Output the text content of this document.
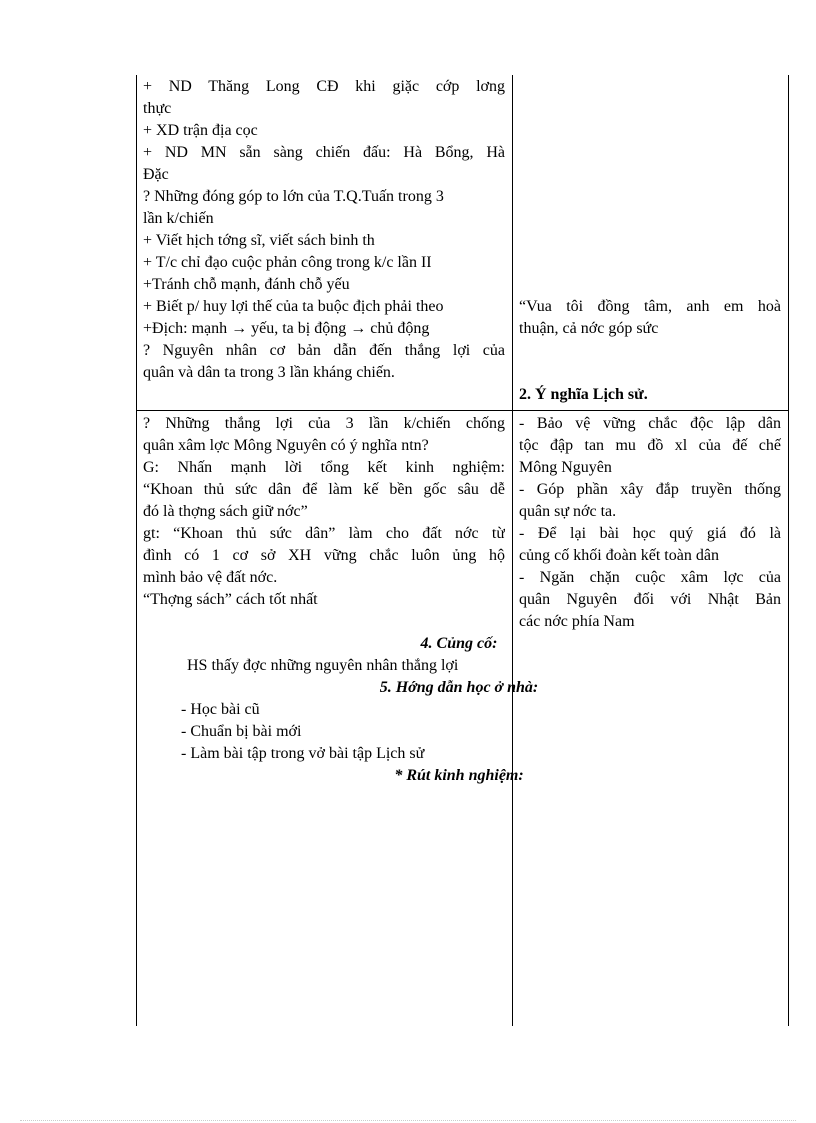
+ ND Thăng Long CĐ khi giặc cớp lơng
thực
+ XD trận địa cọc
+ ND MN sẵn sàng chiến đấu: Hà Bổng, Hà
Đặc
? Những đóng góp to lớn của T.Q.Tuấn trong 3
lần k/chiến
+ Viết hịch tớng sĩ, viết sách binh th
+ T/c chỉ đạo cuộc phản công trong k/c lần II
+Tránh chỗ mạnh, đánh chỗ yếu
+ Biết p/ huy lợi thế của ta buộc địch phải theo
+Địch: mạnh → yếu, ta bị động → chủ động
? Nguyên nhân cơ bản dẫn đến thắng lợi của
quân và dân ta trong 3 lần kháng chiến.
? Những thắng lợi của 3 lần k/chiến chống
quân xâm lợc Mông Nguyên có ý nghĩa ntn?
G: Nhấn mạnh lời tổng kết kinh nghiệm:
“Khoan thủ sức dân để làm kế bền gốc sâu dễ
đó là thợng sách giữ nớc”
gt: “Khoan thủ sức dân” làm cho đất nớc từ
đình có 1 cơ sở XH vững chắc luôn ủng hộ
mình bảo vệ đất nớc.
“Thợng sách” cách tốt nhất
“Vua tôi đồng tâm, anh em hoà
thuận, cả nớc góp sức
2. Ý nghĩa Lịch sử.
- Bảo vệ vững chắc độc lập dân
tộc đập tan mu đồ xl của đế chế
Mông Nguyên
- Góp phần xây đắp truyền thống
quân sự nớc ta.
- Để lại bài học quý giá đó là
củng cố khối đoàn kết toàn dân
- Ngăn chặn cuộc xâm lợc của
quân Nguyên đối với Nhật Bản
các nớc phía Nam
4. Củng cố:
HS thấy đợc những nguyên nhân thắng lợi
5. Hớng dẫn học ở nhà:
- Học bài cũ
- Chuẩn bị bài mới
- Làm bài tập trong vở bài tập Lịch sử
* Rút kinh nghiệm:
